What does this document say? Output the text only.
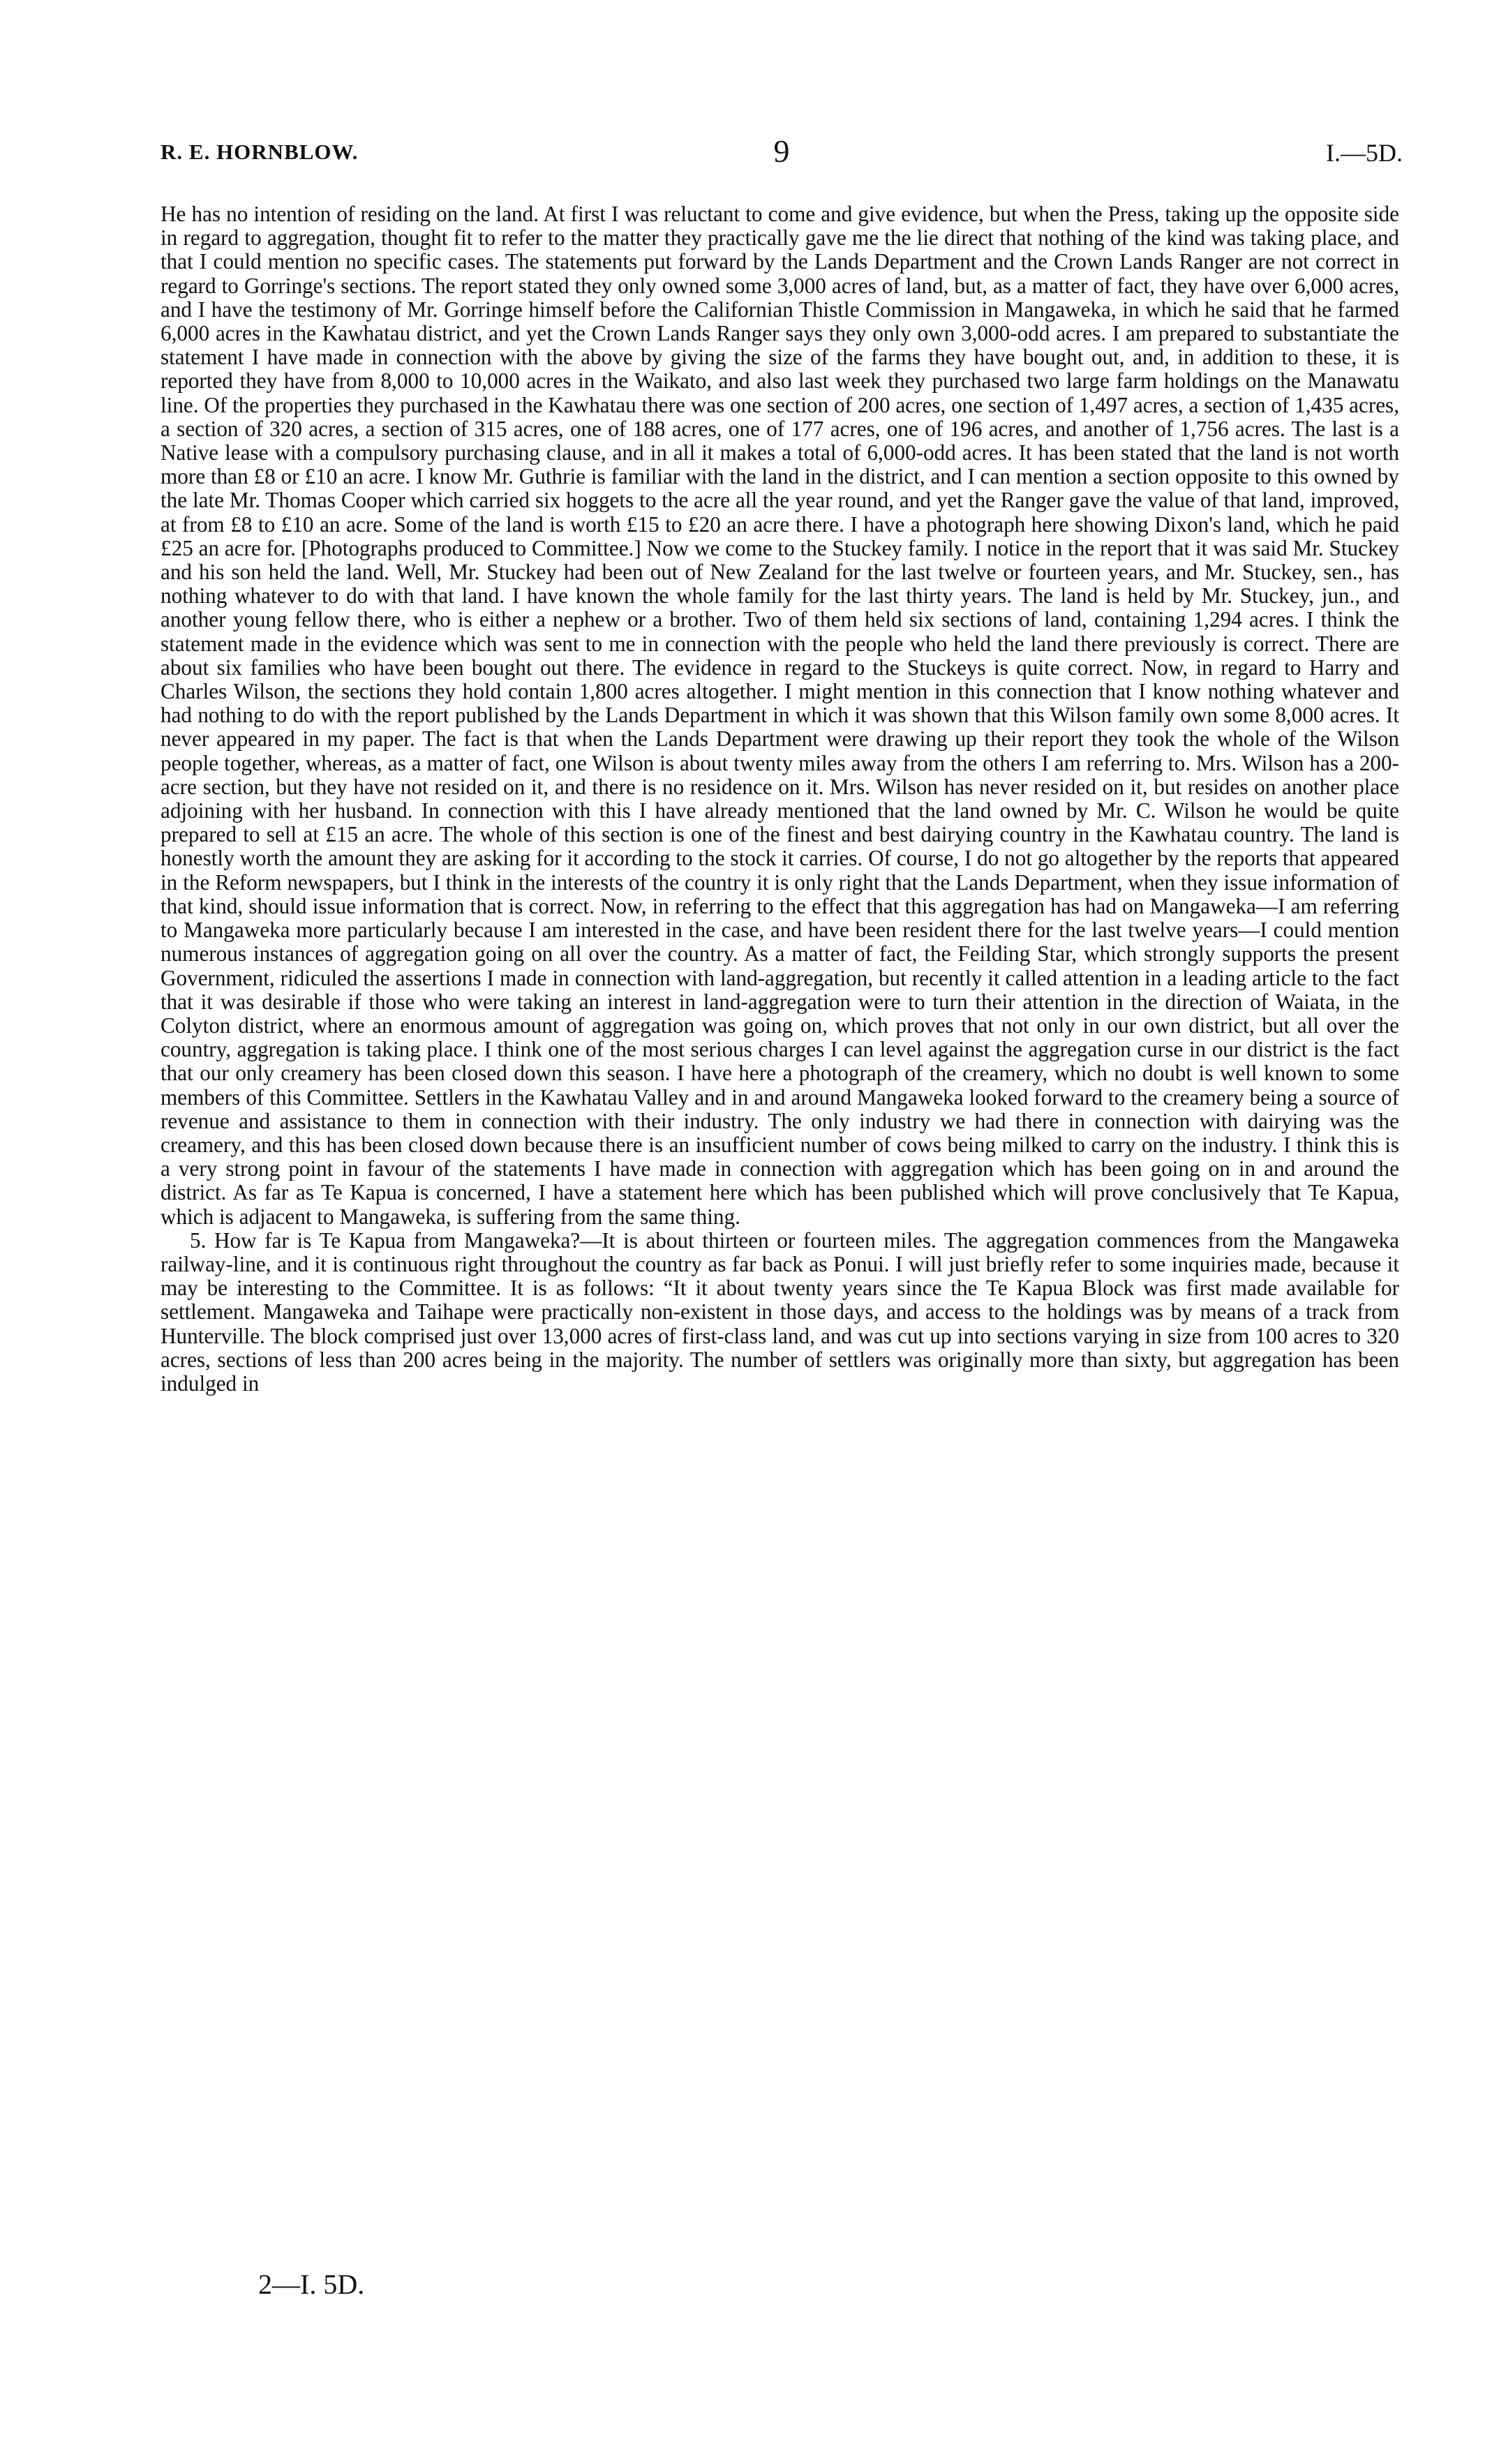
R. E. HORNBLOW.	9	I.—5D.

He has no intention of residing on the land. At first I was reluctant to come and give evidence, but when the Press, taking up the opposite side in regard to aggregation, thought fit to refer to the matter they practically gave me the lie direct that nothing of the kind was taking place, and that I could mention no specific cases. The statements put forward by the Lands Department and the Crown Lands Ranger are not correct in regard to Gorringe's sections. The report stated they only owned some 3,000 acres of land, but, as a matter of fact, they have over 6,000 acres, and I have the testimony of Mr. Gorringe himself before the Californian Thistle Commission in Mangaweka, in which he said that he farmed 6,000 acres in the Kawhatau district, and yet the Crown Lands Ranger says they only own 3,000-odd acres. I am prepared to substantiate the statement I have made in connection with the above by giving the size of the farms they have bought out, and, in addition to these, it is reported they have from 8,000 to 10,000 acres in the Waikato, and also last week they purchased two large farm holdings on the Manawatu line. Of the properties they purchased in the Kawhatau there was one section of 200 acres, one section of 1,497 acres, a section of 1,435 acres, a section of 320 acres, a section of 315 acres, one of 188 acres, one of 177 acres, one of 196 acres, and another of 1,756 acres. The last is a Native lease with a compulsory purchasing clause, and in all it makes a total of 6,000-odd acres. It has been stated that the land is not worth more than £8 or £10 an acre. I know Mr. Guthrie is familiar with the land in the district, and I can mention a section opposite to this owned by the late Mr. Thomas Cooper which carried six hoggets to the acre all the year round, and yet the Ranger gave the value of that land, improved, at from £8 to £10 an acre. Some of the land is worth £15 to £20 an acre there. I have a photograph here showing Dixon's land, which he paid £25 an acre for. [Photographs produced to Committee.] Now we come to the Stuckey family. I notice in the report that it was said Mr. Stuckey and his son held the land. Well, Mr. Stuckey had been out of New Zealand for the last twelve or fourteen years, and Mr. Stuckey, sen., has nothing whatever to do with that land. I have known the whole family for the last thirty years. The land is held by Mr. Stuckey, jun., and another young fellow there, who is either a nephew or a brother. Two of them held six sections of land, containing 1,294 acres. I think the statement made in the evidence which was sent to me in connection with the people who held the land there previously is correct. There are about six families who have been bought out there. The evidence in regard to the Stuckeys is quite correct. Now, in regard to Harry and Charles Wilson, the sections they hold contain 1,800 acres altogether. I might mention in this connection that I know nothing whatever and had nothing to do with the report published by the Lands Department in which it was shown that this Wilson family own some 8,000 acres. It never appeared in my paper. The fact is that when the Lands Department were drawing up their report they took the whole of the Wilson people together, whereas, as a matter of fact, one Wilson is about twenty miles away from the others I am referring to. Mrs. Wilson has a 200-acre section, but they have not resided on it, and there is no residence on it. Mrs. Wilson has never resided on it, but resides on another place adjoining with her husband. In connection with this I have already mentioned that the land owned by Mr. C. Wilson he would be quite prepared to sell at £15 an acre. The whole of this section is one of the finest and best dairying country in the Kawhatau country. The land is honestly worth the amount they are asking for it according to the stock it carries. Of course, I do not go altogether by the reports that appeared in the Reform newspapers, but I think in the interests of the country it is only right that the Lands Department, when they issue information of that kind, should issue information that is correct. Now, in referring to the effect that this aggregation has had on Mangaweka—I am referring to Mangaweka more particularly because I am interested in the case, and have been resident there for the last twelve years—I could mention numerous instances of aggregation going on all over the country. As a matter of fact, the Feilding Star, which strongly supports the present Government, ridiculed the assertions I made in connection with land-aggregation, but recently it called attention in a leading article to the fact that it was desirable if those who were taking an interest in land-aggregation were to turn their attention in the direction of Waiata, in the Colyton district, where an enormous amount of aggregation was going on, which proves that not only in our own district, but all over the country, aggregation is taking place. I think one of the most serious charges I can level against the aggregation curse in our district is the fact that our only creamery has been closed down this season. I have here a photograph of the creamery, which no doubt is well known to some members of this Committee. Settlers in the Kawhatau Valley and in and around Mangaweka looked forward to the creamery being a source of revenue and assistance to them in connection with their industry. The only industry we had there in connection with dairying was the creamery, and this has been closed down because there is an insufficient number of cows being milked to carry on the industry. I think this is a very strong point in favour of the statements I have made in connection with aggregation which has been going on in and around the district. As far as Te Kapua is concerned, I have a statement here which has been published which will prove conclusively that Te Kapua, which is adjacent to Mangaweka, is suffering from the same thing.

5. How far is Te Kapua from Mangaweka?—It is about thirteen or fourteen miles. The aggregation commences from the Mangaweka railway-line, and it is continuous right throughout the country as far back as Ponui. I will just briefly refer to some inquiries made, because it may be interesting to the Committee. It is as follows: “It it about twenty years since the Te Kapua Block was first made available for settlement. Mangaweka and Taihape were practically non-existent in those days, and access to the holdings was by means of a track from Hunterville. The block comprised just over 13,000 acres of first-class land, and was cut up into sections varying in size from 100 acres to 320 acres, sections of less than 200 acres being in the majority. The number of settlers was originally more than sixty, but aggregation has been indulged in

2—I. 5D.
